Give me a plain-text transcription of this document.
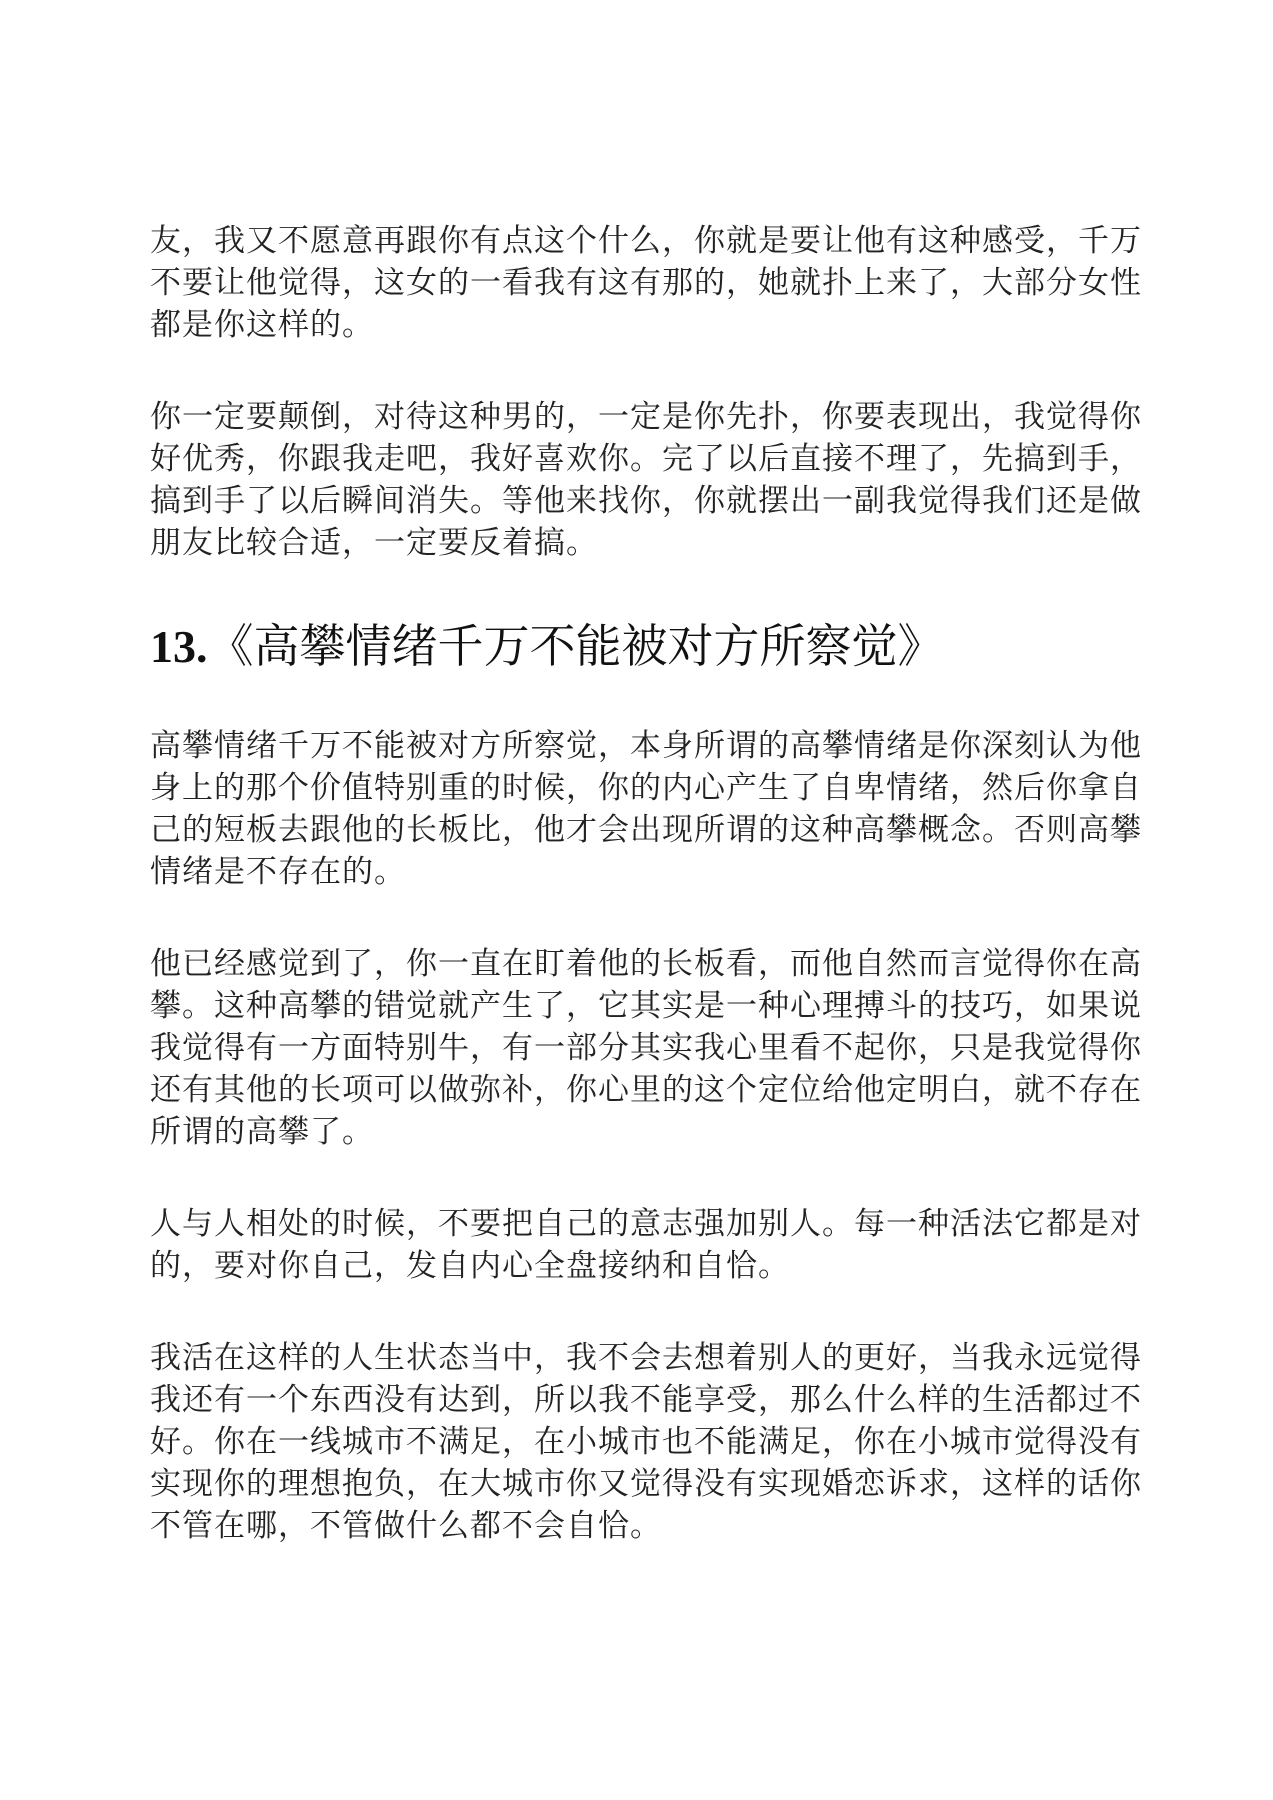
友，我又不愿意再跟你有点这个什么，你就是要让他有这种感受，千万
不要让他觉得，这女的一看我有这有那的，她就扑上来了，大部分女性
都是你这样的。

你一定要颠倒，对待这种男的，一定是你先扑，你要表现出，我觉得你
好优秀，你跟我走吧，我好喜欢你。完了以后直接不理了，先搞到手，
搞到手了以后瞬间消失。等他来找你，你就摆出一副我觉得我们还是做
朋友比较合适，一定要反着搞。

13.《高攀情绪千万不能被对方所察觉》

高攀情绪千万不能被对方所察觉，本身所谓的高攀情绪是你深刻认为他
身上的那个价值特别重的时候，你的内心产生了自卑情绪，然后你拿自
己的短板去跟他的长板比，他才会出现所谓的这种高攀概念。否则高攀
情绪是不存在的。

他已经感觉到了，你一直在盯着他的长板看，而他自然而言觉得你在高
攀。这种高攀的错觉就产生了，它其实是一种心理搏斗的技巧，如果说
我觉得有一方面特别牛，有一部分其实我心里看不起你，只是我觉得你
还有其他的长项可以做弥补，你心里的这个定位给他定明白，就不存在
所谓的高攀了。

人与人相处的时候，不要把自己的意志强加别人。每一种活法它都是对
的，要对你自己，发自内心全盘接纳和自恰。

我活在这样的人生状态当中，我不会去想着别人的更好，当我永远觉得
我还有一个东西没有达到，所以我不能享受，那么什么样的生活都过不
好。你在一线城市不满足，在小城市也不能满足，你在小城市觉得没有
实现你的理想抱负，在大城市你又觉得没有实现婚恋诉求，这样的话你
不管在哪，不管做什么都不会自恰。
